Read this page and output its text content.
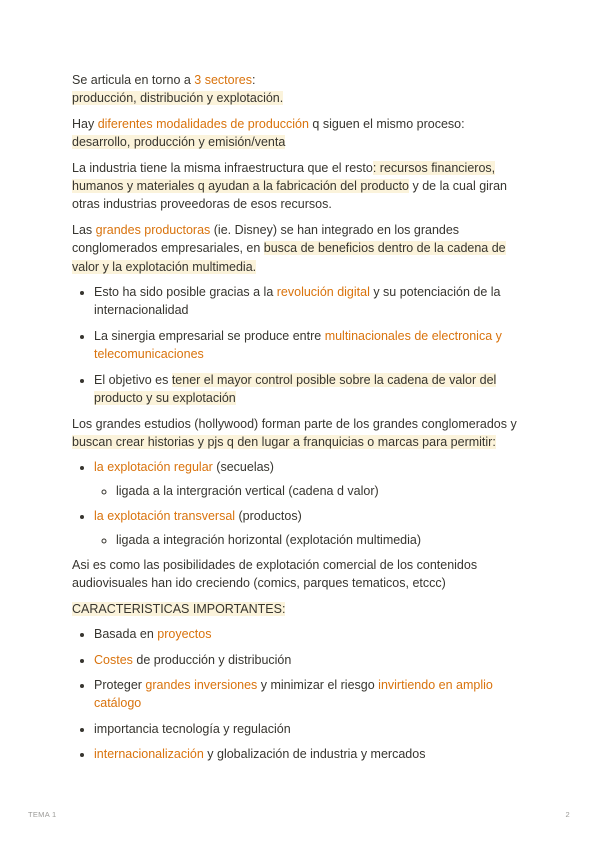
Se articula en torno a 3 sectores:
producción, distribución y explotación.

Hay diferentes modalidades de producción q siguen el mismo proceso:
desarrollo, producción y emisión/venta

La industria tiene la misma infraestructura que el resto: recursos financieros, humanos y materiales q ayudan a la fabricación del producto y de la cual giran otras industrias proveedoras de esos recursos.

Las grandes productoras (ie. Disney) se han integrado en los grandes conglomerados empresariales, en busca de beneficios dentro de la cadena de valor y la explotación multimedia.

• Esto ha sido posible gracias a la revolución digital y su potenciación de la internacionalidad
• La sinergia empresarial se produce entre multinacionales de electronica y telecomunicaciones
• El objetivo es tener el mayor control posible sobre la cadena de valor del producto y su explotación

Los grandes estudios (hollywood) forman parte de los grandes conglomerados y buscan crear historias y pjs q den lugar a franquicias o marcas para permitir:

• la explotación regular (secuelas)
◦ ligada a la intergración vertical (cadena d valor)
• la explotación transversal (productos)
◦ ligada a integración horizontal (explotación multimedia)

Asi es como las posibilidades de explotación comercial de los contenidos audiovisuales han ido creciendo (comics, parques tematicos, etccc)

CARACTERISTICAS IMPORTANTES:

• Basada en proyectos
• Costes de producción y distribución
• Proteger grandes inversiones y minimizar el riesgo invirtiendo en amplio catálogo
• importancia tecnología y regulación
• internacionalización y globalización de industria y mercados
TEMA 1	2
